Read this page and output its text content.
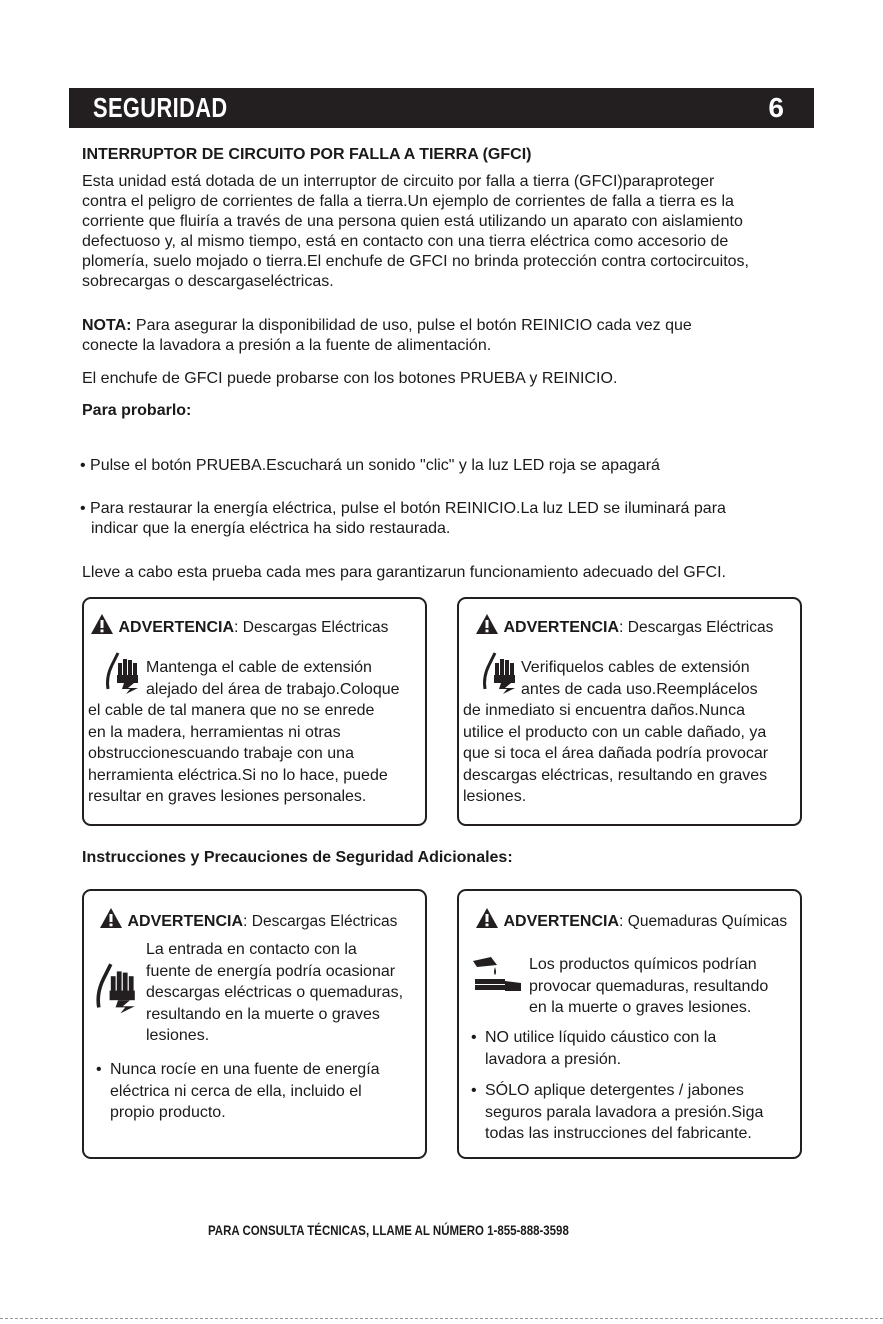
SEGURIDAD	6
INTERRUPTOR DE CIRCUITO POR FALLA A TIERRA (GFCI)
Esta unidad está dotada de un interruptor de circuito por falla a tierra (GFCI)paraproteger
contra el peligro de corrientes de falla a tierra.Un ejemplo de corrientes de falla a tierra es la
corriente que fluiría a través de una persona quien está utilizando un aparato con aislamiento
defectuoso y, al mismo tiempo, está en contacto con una tierra eléctrica como accesorio de
plomería, suelo mojado o tierra.El enchufe de GFCI no brinda protección contra cortocircuitos,
sobrecargas o descargaseléctricas.
NOTA: Para asegurar la disponibilidad de uso, pulse el botón REINICIO cada vez que
conecte la lavadora a presión a la fuente de alimentación.
El enchufe de GFCI puede probarse con los botones PRUEBA y REINICIO.
Para probarlo:
• Pulse el botón PRUEBA.Escuchará un sonido "clic" y la luz LED roja se apagará
• Para restaurar la energía eléctrica, pulse el botón REINICIO.La luz LED se iluminará para
indicar que la energía eléctrica ha sido restaurada.
Lleve a cabo esta prueba cada mes para garantizarun funcionamiento adecuado del GFCI.
ADVERTENCIA: Descargas Eléctricas
Mantenga el cable de extensión
alejado del área de trabajo.Coloque
el cable de tal manera que no se enrede
en la madera, herramientas ni otras
obstruccionescuando trabaje con una
herramienta eléctrica.Si no lo hace, puede
resultar en graves lesiones personales.
ADVERTENCIA: Descargas Eléctricas
Verifiquelos cables de extensión
antes de cada uso.Reemplácelos
de inmediato si encuentra daños.Nunca
utilice el producto con un cable dañado, ya
que si toca el área dañada podría provocar
descargas eléctricas, resultando en graves
lesiones.
Instrucciones y Precauciones de Seguridad Adicionales:
ADVERTENCIA: Descargas Eléctricas
La entrada en contacto con la
fuente de energía podría ocasionar
descargas eléctricas o quemaduras,
resultando en la muerte o graves
lesiones.
• Nunca rocíe en una fuente de energía
eléctrica ni cerca de ella, incluido el
propio producto.
ADVERTENCIA: Quemaduras Químicas
Los productos químicos podrían
provocar quemaduras, resultando
en la muerte o graves lesiones.
• NO utilice líquido cáustico con la
lavadora a presión.
• SÓLO aplique detergentes / jabones
seguros parala lavadora a presión.Siga
todas las instrucciones del fabricante.
PARA CONSULTA TÉCNICAS, LLAME AL NÚMERO 1-855-888-3598
